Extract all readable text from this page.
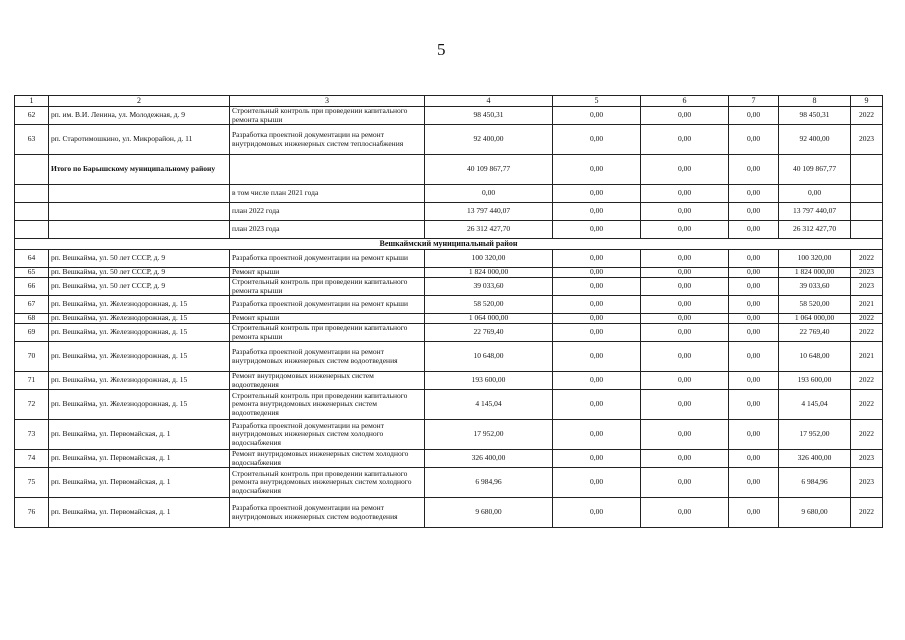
5
1	2	3	4	5	6	7	8	9
62	рп. им. В.И. Ленина, ул. Молодежная, д. 9	Строительный контроль при проведении капитального ремонта крыши	98 450,31	0,00	0,00	0,00	98 450,31	2022
63	рп. Старотимошкино, ул. Микрорайон, д. 11	Разработка проектной документации на ремонт внутридомовых инженерных систем теплоснабжения	92 400,00	0,00	0,00	0,00	92 400,00	2023
	Итого по Барышскому муниципальному району		40 109 867,77	0,00	0,00	0,00	40 109 867,77	
		в том числе план 2021 года	0,00	0,00	0,00	0,00	0,00	
		план 2022 года	13 797 440,07	0,00	0,00	0,00	13 797 440,07	
		план 2023 года	26 312 427,70	0,00	0,00	0,00	26 312 427,70	
Вешкаймский муниципальный район								
64	рп. Вешкайма, ул. 50 лет СССР, д. 9	Разработка проектной документации на ремонт крыши	100 320,00	0,00	0,00	0,00	100 320,00	2022
65	рп. Вешкайма, ул. 50 лет СССР, д. 9	Ремонт крыши	1 824 000,00	0,00	0,00	0,00	1 824 000,00	2023
66	рп. Вешкайма, ул. 50 лет СССР, д. 9	Строительный контроль при проведении капитального ремонта крыши	39 033,60	0,00	0,00	0,00	39 033,60	2023
67	рп. Вешкайма, ул. Железнодорожная, д. 15	Разработка проектной документации на ремонт крыши	58 520,00	0,00	0,00	0,00	58 520,00	2021
68	рп. Вешкайма, ул. Железнодорожная, д. 15	Ремонт крыши	1 064 000,00	0,00	0,00	0,00	1 064 000,00	2022
69	рп. Вешкайма, ул. Железнодорожная, д. 15	Строительный контроль при проведении капитального ремонта крыши	22 769,40	0,00	0,00	0,00	22 769,40	2022
70	рп. Вешкайма, ул. Железнодорожная, д. 15	Разработка проектной документации на ремонт внутридомовых инженерных систем водоотведения	10 648,00	0,00	0,00	0,00	10 648,00	2021
71	рп. Вешкайма, ул. Железнодорожная, д. 15	Ремонт внутридомовых инженерных систем водоотведения	193 600,00	0,00	0,00	0,00	193 600,00	2022
72	рп. Вешкайма, ул. Железнодорожная, д. 15	Строительный контроль при проведении капитального ремонта внутридомовых инженерных систем водоотведения	4 145,04	0,00	0,00	0,00	4 145,04	2022
73	рп. Вешкайма, ул. Первомайская, д. 1	Разработка проектной документации на ремонт внутридомовых инженерных систем холодного водоснабжения	17 952,00	0,00	0,00	0,00	17 952,00	2022
74	рп. Вешкайма, ул. Первомайская, д. 1	Ремонт внутридомовых инженерных систем холодного водоснабжения	326 400,00	0,00	0,00	0,00	326 400,00	2023
75	рп. Вешкайма, ул. Первомайская, д. 1	Строительный контроль при проведении капитального ремонта внутридомовых инженерных систем холодного водоснабжения	6 984,96	0,00	0,00	0,00	6 984,96	2023
76	рп. Вешкайма, ул. Первомайская, д. 1	Разработка проектной документации на ремонт внутридомовых инженерных систем водоотведения	9 680,00	0,00	0,00	0,00	9 680,00	2022
